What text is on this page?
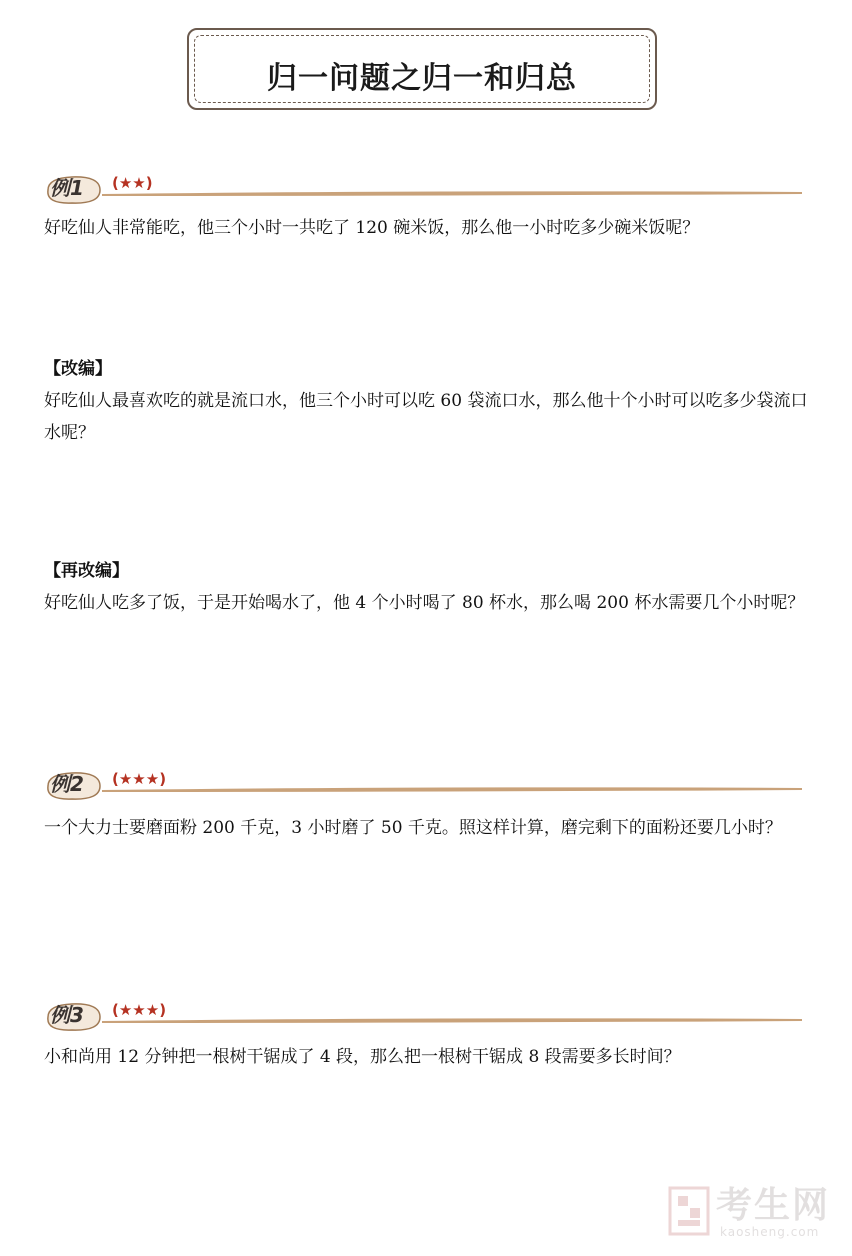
归一问题之归一和归总
例1 (★★)
好吃仙人非常能吃，他三个小时一共吃了 120 碗米饭，那么他一小时吃多少碗米饭呢？
【改编】
好吃仙人最喜欢吃的就是流口水，他三个小时可以吃 60 袋流口水，那么他十个小时可以吃多少袋流口水呢？
【再改编】
好吃仙人吃多了饭，于是开始喝水了，他 4 个小时喝了 80 杯水，那么喝 200 杯水需要几个小时呢？
例2 (★★★)
一个大力士要磨面粉 200 千克，3 小时磨了 50 千克。照这样计算，磨完剩下的面粉还要几小时？
例3 (★★★)
小和尚用 12 分钟把一根树干锯成了 4 段，那么把一根树干锯成 8 段需要多长时间？
考生网
kaosheng.com
